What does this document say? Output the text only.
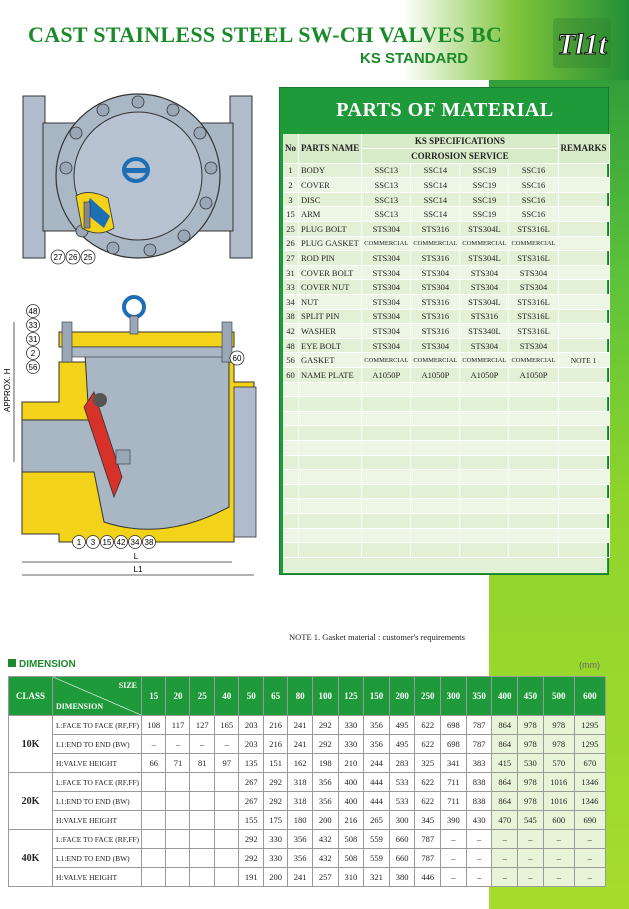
CAST STAINLESS STEEL SW-CH VALVES BC
KS STANDARD	Tl1t
27 26 25
APPROX. H
L
L1
48
33
31
2
56
60
1 3 15 42 34 38
PARTS OF MATERIAL
No	PARTS NAME	KS SPECIFICATIONS				REMARKS
		CORROSION SERVICE				
1	BODY	SSC13	SSC14	SSC19	SSC16	
2	COVER	SSC13	SSC14	SSC19	SSC16	
3	DISC	SSC13	SSC14	SSC19	SSC16	
15	ARM	SSC13	SSC14	SSC19	SSC16	
25	PLUG BOLT	STS304	STS316	STS304L	STS316L	
26	PLUG GASKET	COMMERCIAL	COMMERCIAL	COMMERCIAL	COMMERCIAL	
27	ROD PIN	STS304	STS316	STS304L	STS316L	
31	COVER BOLT	STS304	STS304	STS304	STS304	
33	COVER NUT	STS304	STS304	STS304	STS304	
34	NUT	STS304	STS316	STS304L	STS316L	
38	SPLIT PIN	STS304	STS316	STS316	STS316L	
42	WASHER	STS304	STS316	STS340L	STS316L	
48	EYE BOLT	STS304	STS304	STS304	STS304	
56	GASKET	COMMERCIAL	COMMERCIAL	COMMERCIAL	COMMERCIAL	NOTE 1
60	NAME PLATE	A1050P	A1050P	A1050P	A1050P	

NOTE 1. Gasket material : customer's requirements
DIMENSION	(mm)
CLASS	SIZE
DIMENSION	15	20	25	40	50	65	80	100	125	150	200	250	300	350	400	450	500	600
10K	L:FACE TO FACE (RF,FF)	108	117	127	165	203	216	241	292	330	356	495	622	698	787	864	978	978	1295
	L1:END TO END (BW)	–	–	–	–	203	216	241	292	330	356	495	622	698	787	864	978	978	1295
	H:VALVE HEIGHT	66	71	81	97	135	151	162	198	210	244	283	325	341	383	415	530	570	670
20K	L:FACE TO FACE (RF,FF)					267	292	318	356	400	444	533	622	711	838	864	978	1016	1346
	L1:END TO END (BW)					267	292	318	356	400	444	533	622	711	838	864	978	1016	1346
	H:VALVE HEIGHT					155	175	180	200	216	265	300	345	390	430	470	545	600	690
40K	L:FACE TO FACE (RF,FF)					292	330	356	432	508	559	660	787	–	–	–	–	–	–
	L1:END TO END (BW)					292	330	356	432	508	559	660	787	–	–	–	–	–	–
	H:VALVE HEIGHT					191	200	241	257	310	321	380	446	–	–	–	–	–	–
